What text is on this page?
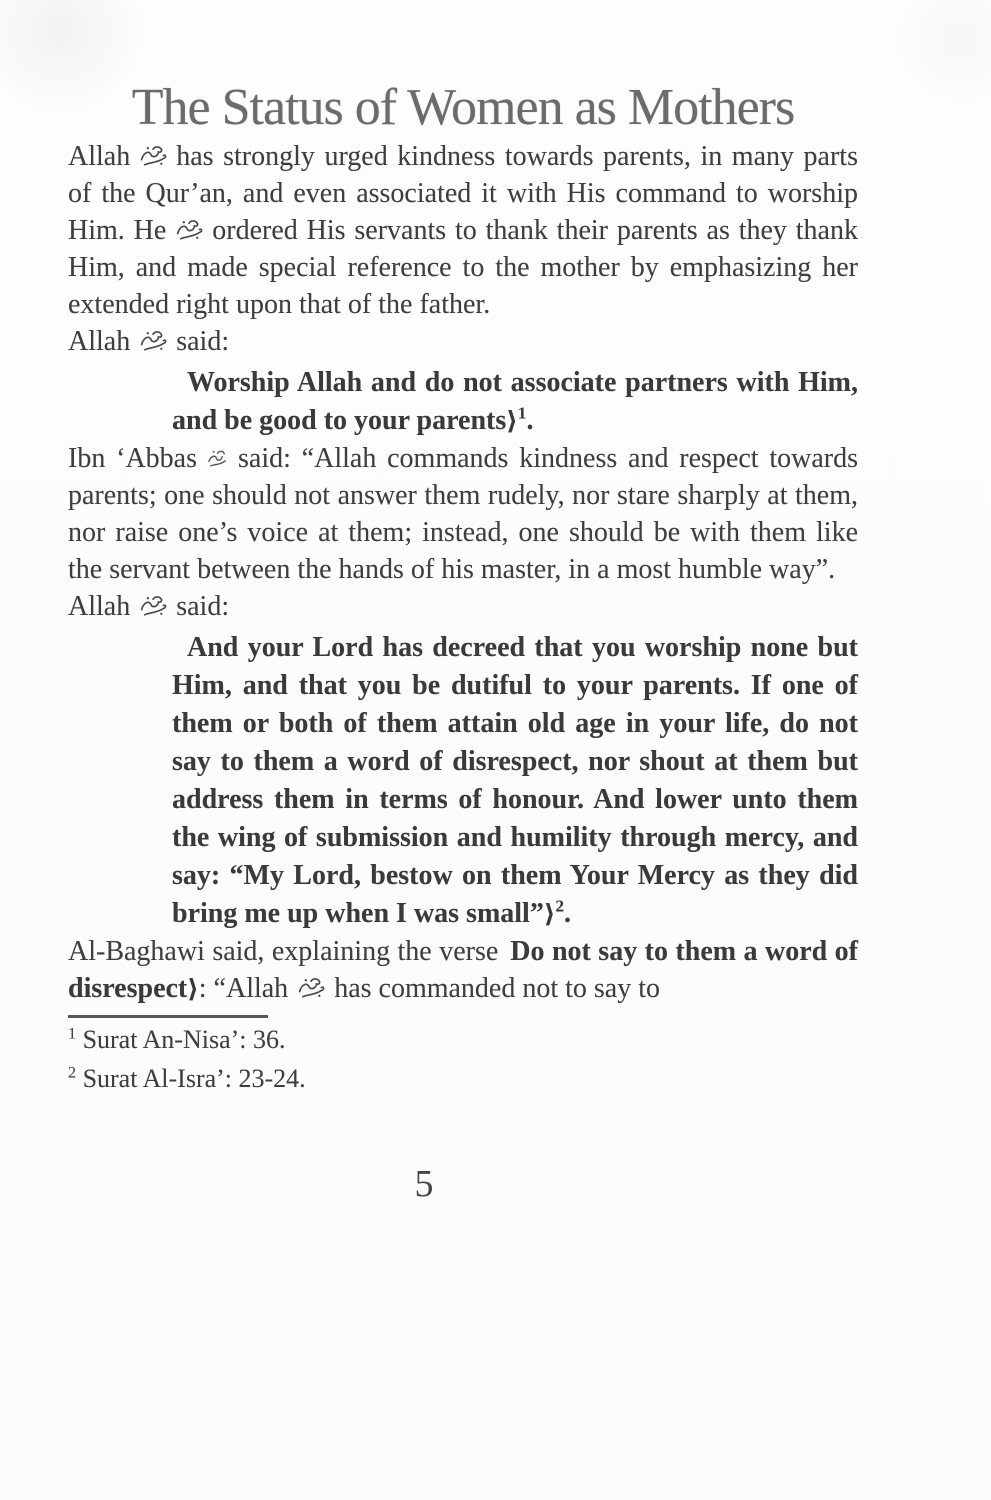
The Status of Women as Mothers

Allah has strongly urged kindness towards parents, in many parts of the Qur’an, and even associated it with His command to worship Him. He ordered His servants to thank their parents as they thank Him, and made special reference to the mother by emphasizing her extended right upon that of the father.

Allah said:

Worship Allah and do not associate partners with Him, and be good to your parents⟩$^1$.

Ibn ‘Abbas said: “Allah commands kindness and respect towards parents; one should not answer them rudely, nor stare sharply at them, nor raise one’s voice at them; instead, one should be with them like the servant between the hands of his master, in a most humble way”.

Allah said:

And your Lord has decreed that you worship none but Him, and that you be dutiful to your parents. If one of them or both of them attain old age in your life, do not say to them a word of disrespect, nor shout at them but address them in terms of honour. And lower unto them the wing of submission and humility through mercy, and say: “My Lord, bestow on them Your Mercy as they did bring me up when I was small”⟩$^2$.

Al-Baghawi said, explaining the verse Do not say to them a word of disrespect⟩: “Allah has commanded not to say to

$^1$ Surat An-Nisa’: 36.

$^2$ Surat Al-Isra’: 23-24.

5
